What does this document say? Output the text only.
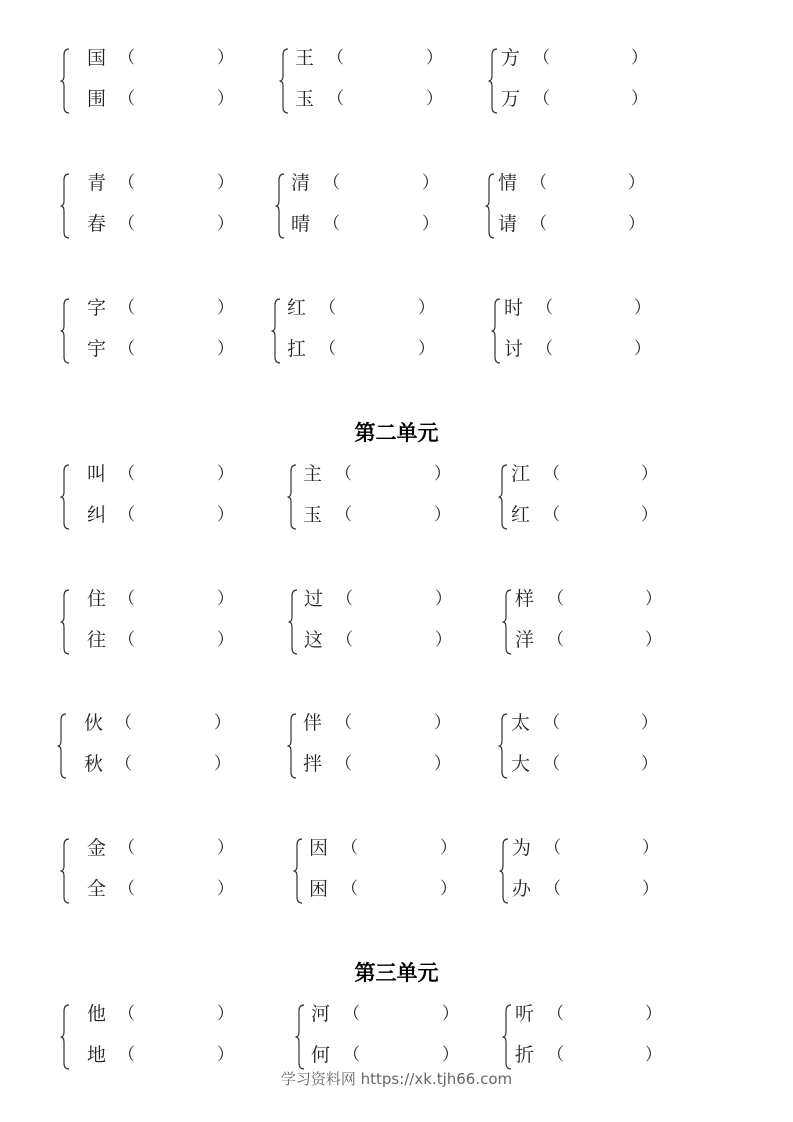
第二单元
第三单元
学习资料网 https://xk.tjh66.com
国 （	）
围 （	）
王 （	）
玉 （	）
方 （	）
万 （	）
青 （	）
春 （	）
清 （	）
晴 （	）
情 （	）
请 （	）
字 （	）
宇 （	）
红 （	）
扛 （	）
时 （	）
讨 （	）
叫 （	）
纠 （	）
主 （	）
玉 （	）
江 （	）
红 （	）
住 （	）
往 （	）
过 （	）
这 （	）
样 （	）
洋 （	）
伙 （	）
秋 （	）
伴 （	）
拌 （	）
太 （	）
大 （	）
金 （	）
全 （	）
因 （	）
困 （	）
为 （	）
办 （	）
他 （	）
地 （	）
河 （	）
何 （	）
听 （	）
折 （	）
